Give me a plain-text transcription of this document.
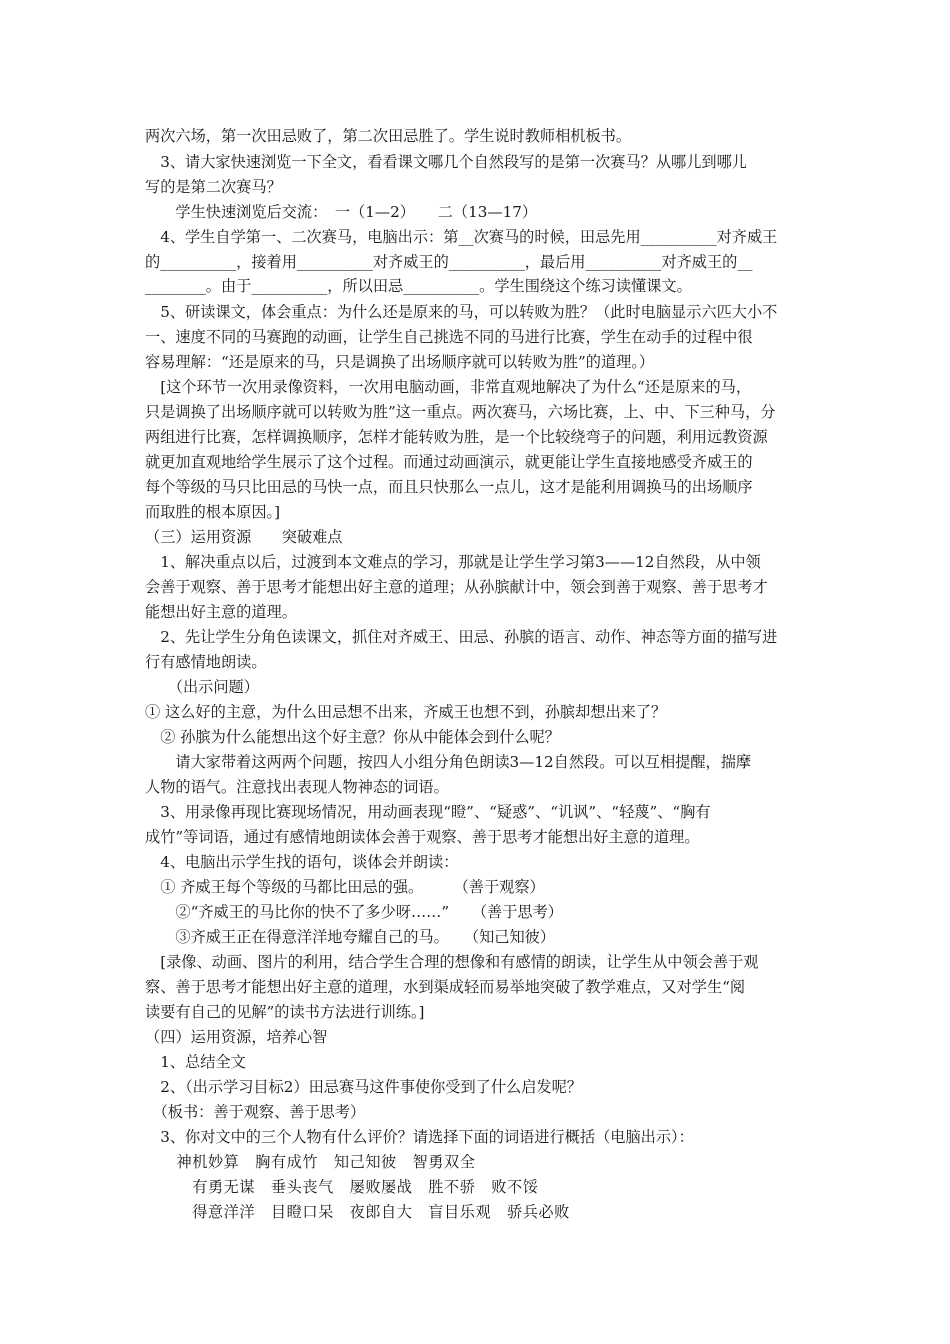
两次六场，第一次田忌败了，第二次田忌胜了。学生说时教师相机板书。
　3、请大家快速浏览一下全文，看看课文哪几个自然段写的是第一次赛马？从哪儿到哪儿
写的是第二次赛马？
　　学生快速浏览后交流：　一（1—2）　　二（13—17）
　4、学生自学第一、二次赛马，电脑出示：第__次赛马的时候，田忌先用__________对齐威王
的__________，接着用__________对齐威王的__________，最后用__________对齐威王的__
________。由于__________，所以田忌__________。学生围绕这个练习读懂课文。
　5、研读课文，体会重点：为什么还是原来的马，可以转败为胜？（此时电脑显示六匹大小不
一、速度不同的马赛跑的动画，让学生自己挑选不同的马进行比赛，学生在动手的过程中很
容易理解：“还是原来的马，只是调换了出场顺序就可以转败为胜”的道理。）
　[这个环节一次用录像资料，一次用电脑动画，非常直观地解决了为什么“还是原来的马，
只是调换了出场顺序就可以转败为胜”这一重点。两次赛马，六场比赛，上、中、下三种马，分
两组进行比赛，怎样调换顺序，怎样才能转败为胜，是一个比较绕弯子的问题，利用远教资源
就更加直观地给学生展示了这个过程。而通过动画演示，就更能让学生直接地感受齐威王的
每个等级的马只比田忌的马快一点，而且只快那么一点儿，这才是能利用调换马的出场顺序
而取胜的根本原因。]
（三）运用资源　　突破难点
　1、解决重点以后，过渡到本文难点的学习，那就是让学生学习第3——12自然段，从中领
会善于观察、善于思考才能想出好主意的道理；从孙膑献计中，领会到善于观察、善于思考才
能想出好主意的道理。
　2、先让学生分角色读课文，抓住对齐威王、田忌、孙膑的语言、动作、神态等方面的描写进
行有感情地朗读。
　　（出示问题）
① 这么好的主意，为什么田忌想不出来，齐威王也想不到，孙膑却想出来了？
　② 孙膑为什么能想出这个好主意？你从中能体会到什么呢？
　　请大家带着这两两个问题，按四人小组分角色朗读3—12自然段。可以互相提醒，揣摩
人物的语气。注意找出表现人物神态的词语。
　3、用录像再现比赛现场情况，用动画表现“瞪”、“疑惑”、“讥讽”、“轻蔑”、“胸有
成竹”等词语，通过有感情地朗读体会善于观察、善于思考才能想出好主意的道理。
　4、电脑出示学生找的语句，谈体会并朗读：
　① 齐威王每个等级的马都比田忌的强。　　　（善于观察）
　　②“齐威王的马比你的快不了多少呀……”　　（善于思考）
　　③齐威王正在得意洋洋地夸耀自己的马。　　（知己知彼）
　[录像、动画、图片的利用，结合学生合理的想像和有感情的朗读，让学生从中领会善于观
察、善于思考才能想出好主意的道理，水到渠成轻而易举地突破了教学难点，又对学生“阅
读要有自己的见解”的读书方法进行训练。]
（四）运用资源，培养心智
　1、总结全文
　2、（出示学习目标2）田忌赛马这件事使你受到了什么启发呢？
　（板书：善于观察、善于思考）
　3、你对文中的三个人物有什么评价？请选择下面的词语进行概括（电脑出示）：
　　神机妙算　胸有成竹　知己知彼　智勇双全
　　　有勇无谋　垂头丧气　屡败屡战　胜不骄　败不馁
　　　得意洋洋　目瞪口呆　夜郎自大　盲目乐观　骄兵必败
